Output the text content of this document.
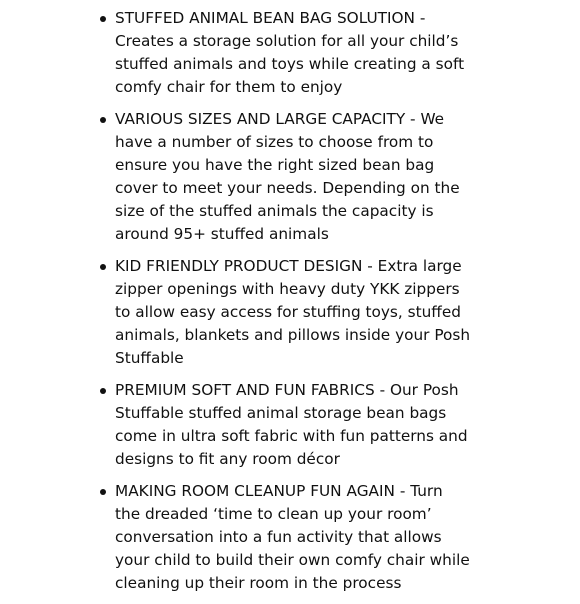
STUFFED ANIMAL BEAN BAG SOLUTION - Creates a storage solution for all your child’s stuffed animals and toys while creating a soft comfy chair for them to enjoy
VARIOUS SIZES AND LARGE CAPACITY - We have a number of sizes to choose from to ensure you have the right sized bean bag cover to meet your needs. Depending on the size of the stuffed animals the capacity is around 95+ stuffed animals
KID FRIENDLY PRODUCT DESIGN - Extra large zipper openings with heavy duty YKK zippers to allow easy access for stuffing toys, stuffed animals, blankets and pillows inside your Posh Stuffable
PREMIUM SOFT AND FUN FABRICS - Our Posh Stuffable stuffed animal storage bean bags come in ultra soft fabric with fun patterns and designs to fit any room décor
MAKING ROOM CLEANUP FUN AGAIN - Turn the dreaded ‘time to clean up your room’ conversation into a fun activity that allows your child to build their own comfy chair while cleaning up their room in the process
